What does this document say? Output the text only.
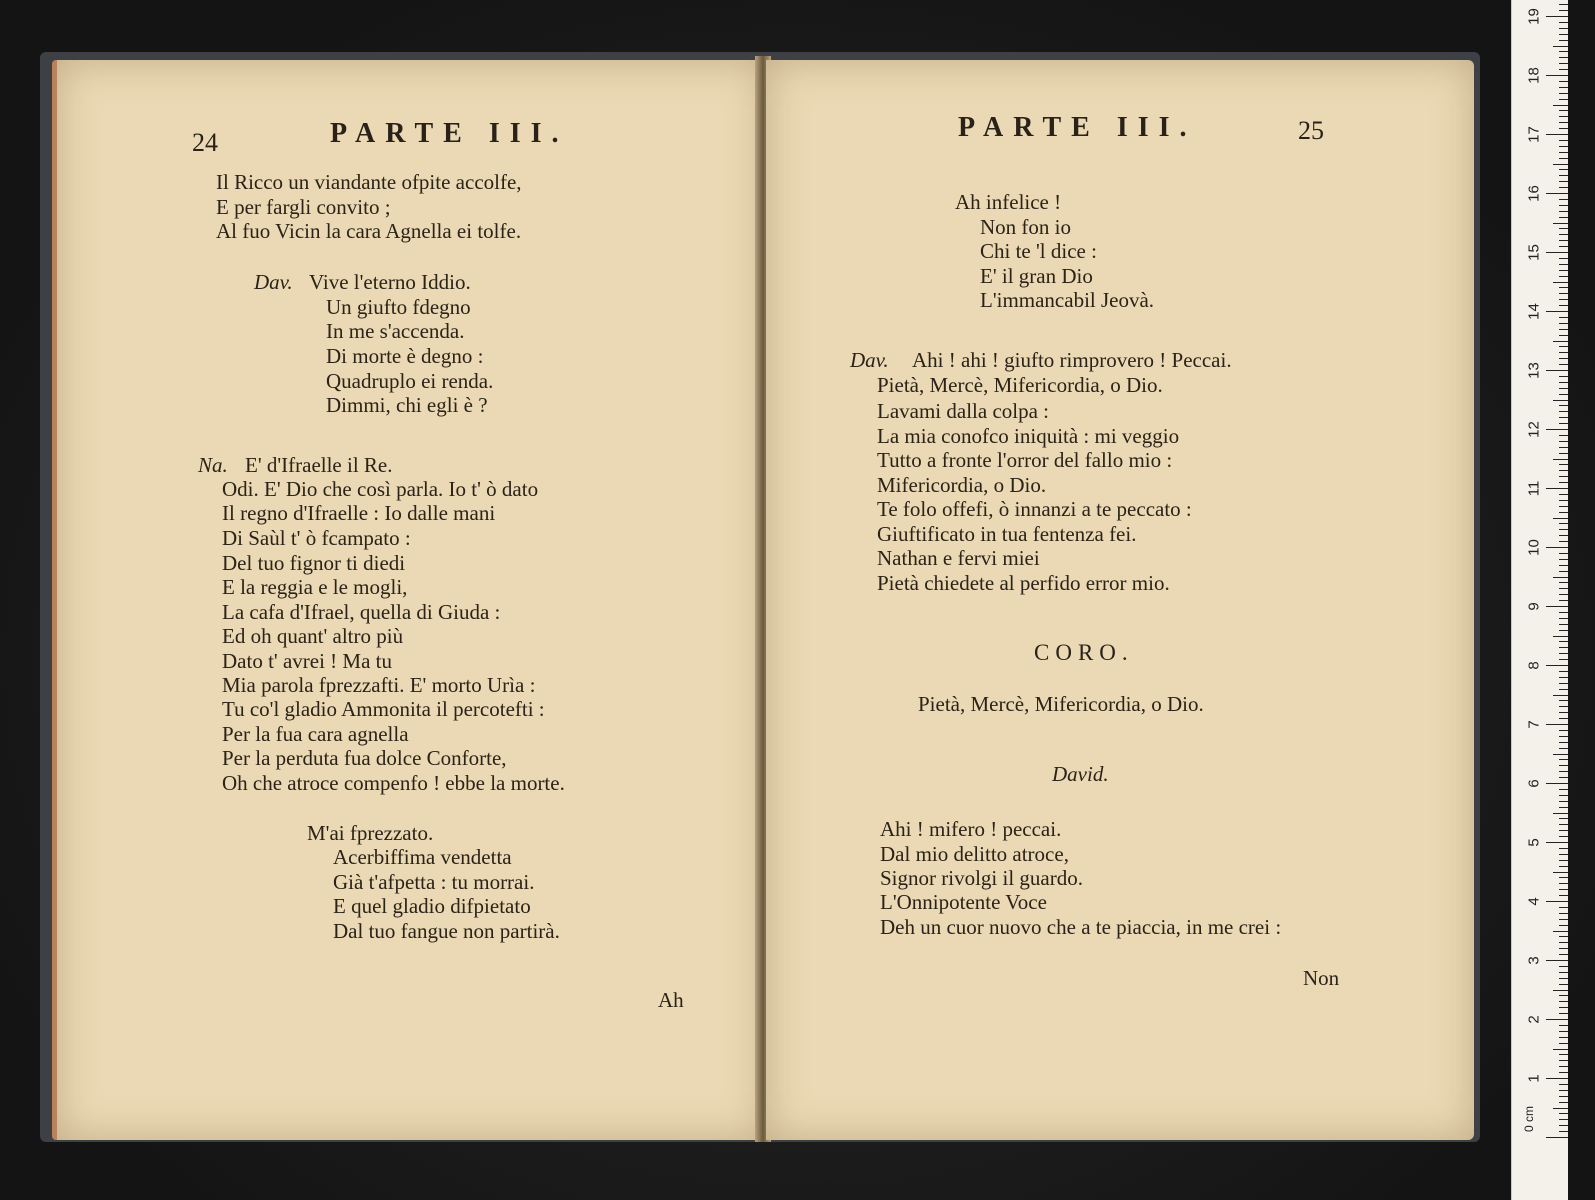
24	PARTE III.
Il Ricco un viandante ofpite accolfe,
E per fargli convito ;
Al fuo Vicin la cara Agnella ei tolfe.
Dav. Vive l'eterno Iddio.
Un giufto fdegno
In me s'accenda.
Di morte è degno :
Quadruplo ei renda.
Dimmi, chi egli è ?
Na. E' d'Ifraelle il Re.
Odi. E' Dio che così parla. Io t' ò dato
Il regno d'Ifraelle : Io dalle mani
Di Saùl t' ò fcampato :
Del tuo fignor ti diedi
E la reggia e le mogli,
La cafa d'Ifrael, quella di Giuda :
Ed oh quant' altro più
Dato t' avrei ! Ma tu
Mia parola fprezzafti. E' morto Urìa :
Tu co'l gladio Ammonita il percotefti :
Per la fua cara agnella
Per la perduta fua dolce Conforte,
Oh che atroce compenfo ! ebbe la morte.
M'ai fprezzato.
Acerbiffima vendetta
Già t'afpetta : tu morrai.
E quel gladio difpietato
Dal tuo fangue non partirà.
Ah
PARTE III.	25
Ah infelice !
Non fon io
Chi te 'l dice :
E' il gran Dio
L'immancabil Jeovà.
Dav. Ahi ! ahi ! giufto rimprovero ! Peccai.
Pietà, Mercè, Mifericordia, o Dio.
Lavami dalla colpa :
La mia conofco iniquità : mi veggio
Tutto a fronte l'orror del fallo mio :
Mifericordia, o Dio.
Te folo offefi, ò innanzi a te peccato :
Giuftificato in tua fentenza fei.
Nathan e fervi miei
Pietà chiedete al perfido error mio.
CORO.
Pietà, Mercè, Mifericordia, o Dio.
David.
Ahi ! mifero ! peccai.
Dal mio delitto atroce,
Signor rivolgi il guardo.
L'Onnipotente Voce
Deh un cuor nuovo che a te piaccia, in me crei :
Non
0 cm
1
2
3
4
5
6
7
8
9
10
11
12
13
14
15
16
17
18
19
